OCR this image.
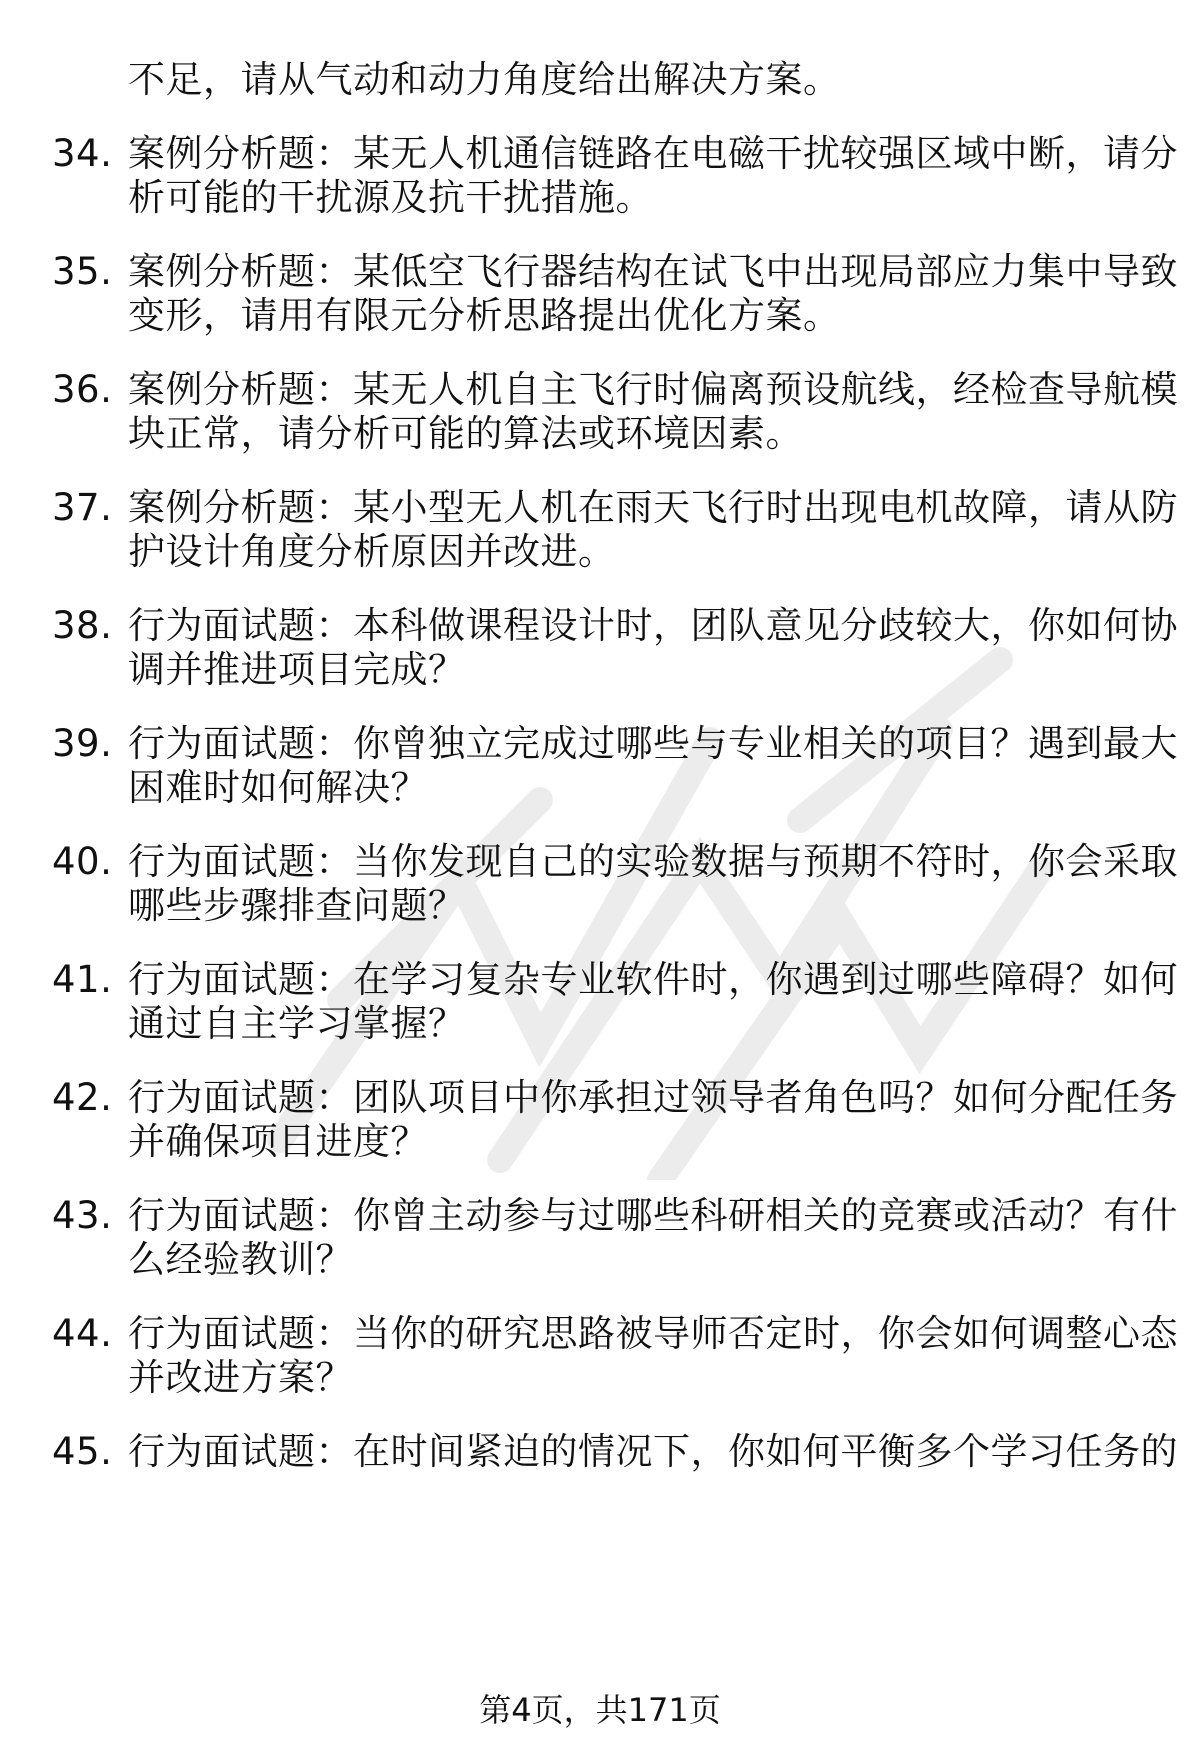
不足，请从气动和动力角度给出解决方案。
34. 案例分析题：某无人机通信链路在电磁干扰较强区域中断，请分
析可能的干扰源及抗干扰措施。
35. 案例分析题：某低空飞行器结构在试飞中出现局部应力集中导致
变形，请用有限元分析思路提出优化方案。
36. 案例分析题：某无人机自主飞行时偏离预设航线，经检查导航模
块正常，请分析可能的算法或环境因素。
37. 案例分析题：某小型无人机在雨天飞行时出现电机故障，请从防
护设计角度分析原因并改进。
38. 行为面试题：本科做课程设计时，团队意见分歧较大，你如何协
调并推进项目完成？
39. 行为面试题：你曾独立完成过哪些与专业相关的项目？遇到最大
困难时如何解决？
40. 行为面试题：当你发现自己的实验数据与预期不符时，你会采取
哪些步骤排查问题？
41. 行为面试题：在学习复杂专业软件时，你遇到过哪些障碍？如何
通过自主学习掌握？
42. 行为面试题：团队项目中你承担过领导者角色吗？如何分配任务
并确保项目进度？
43. 行为面试题：你曾主动参与过哪些科研相关的竞赛或活动？有什
么经验教训？
44. 行为面试题：当你的研究思路被导师否定时，你会如何调整心态
并改进方案？
45. 行为面试题：在时间紧迫的情况下，你如何平衡多个学习任务的
第4页，共171页
